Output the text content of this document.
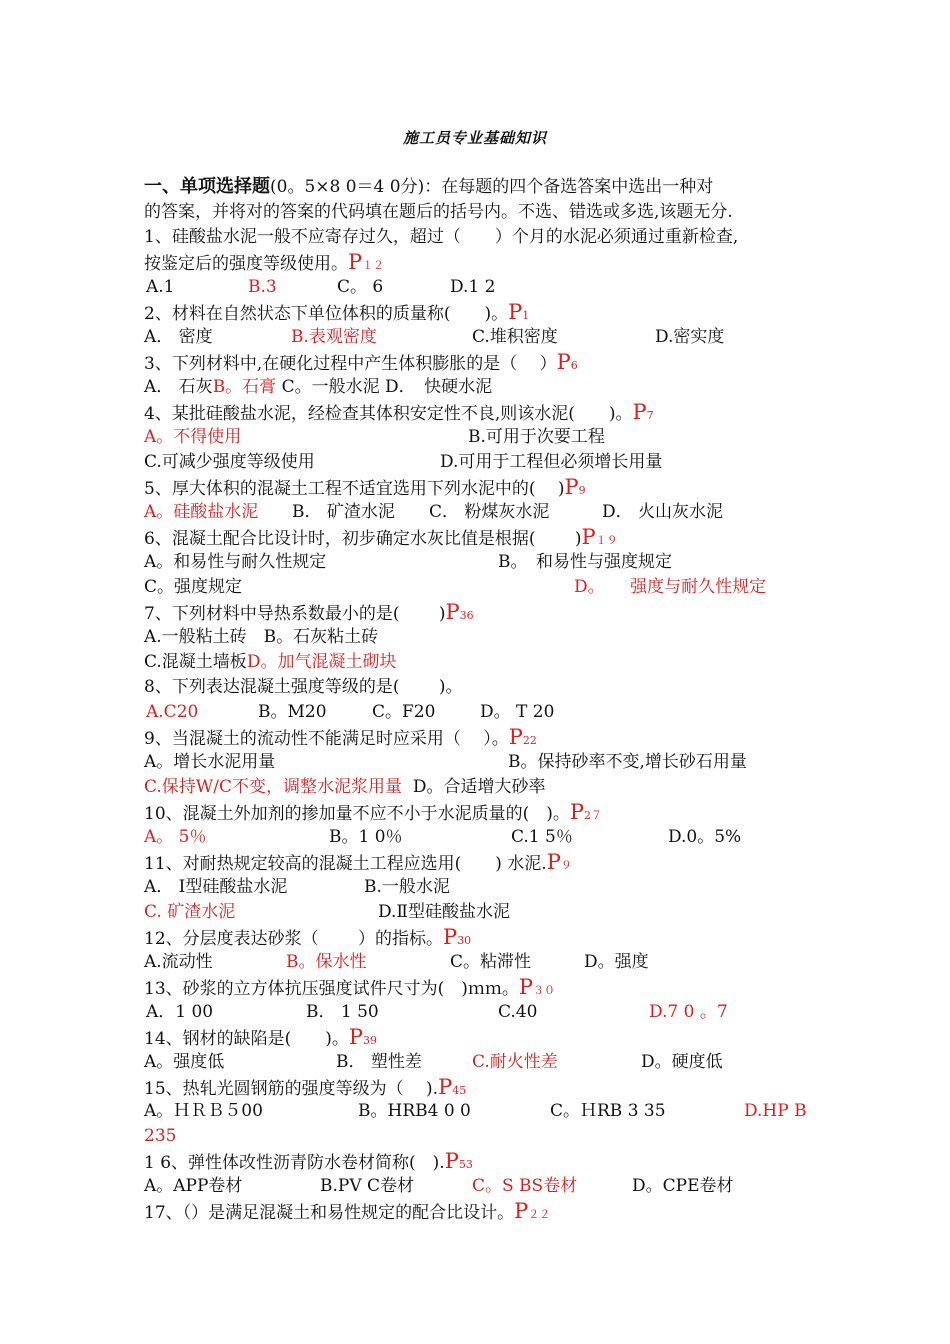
施工员专业基础知识
一、单项选择题(0。5×8 0＝4 0分)：在每题的四个备选答案中选出一种对
的答案，并将对的答案的代码填在题后的括号内。不选、错选或多选,该题无分.
1、硅酸盐水泥一般不应寄存过久，超过（　　）个月的水泥必须通过重新检查,
按鉴定后的强度等级使用。P１２
A.1	B.3	C。 6	D.1 2
2、材料在自然状态下单位体积的质量称(　　)。P1
A． 密度	B.表观密度	C.堆积密度	D.密实度
3、下列材料中,在硬化过程中产生体积膨胀的是（　 ）P6
A． 石灰B。石膏 C。一般水泥 D．　快硬水泥
4、某批硅酸盐水泥，经检查其体积安定性不良,则该水泥(　　)。P7
A。不得使用	B.可用于次要工程
C.可减少强度等级使用	D.可用于工程但必须增长用量
5、厚大体积的混凝土工程不适宜选用下列水泥中的(　 )P9
A。硅酸盐水泥 B． 矿渣水泥 C． 粉煤灰水泥	D． 火山灰水泥
6、混凝土配合比设计时，初步确定水灰比值是根据(　 　)P１９
A。和易性与耐久性规定	B。　和易性与强度规定
C。强度规定	D。　　强度与耐久性规定
7、下列材料中导热系数最小的是(　 　)P36
A.一般粘土砖　B。石灰粘土砖
C.混凝土墙板D。加气混凝土砌块
8、下列表达混凝土强度等级的是(　 　)。
A.C20	B。M20	C。F20	D。 T 20
9、当混凝土的流动性不能满足时应采用（　 ）。P22
A。增长水泥用量	B。保持砂率不变,增长砂石用量
C.保持W/C不变，调整水泥浆用量 D。合适增大砂率
10、混凝土外加剂的掺加量不应不小于水泥质量的(　)。P2７
A。 5％	B。1 0％	C.1 5％	D.0。5%
11、对耐热规定较高的混凝土工程应选用(　　) 水泥.P９
A． Ⅰ型硅酸盐水泥	B.一般水泥
C. 矿渣水泥	D.Ⅱ型硅酸盐水泥
12、分层度表达砂浆（　　 ）的指标。P30
A.流动性	B。保水性	C。粘滞性	D。强度
13、砂浆的立方体抗压强度试件尺寸为(　)ｍｍ。P３０
A．1 00	B． 1 50	C.40	D.7 0 。7
14、钢材的缺陷是(　　)。P39
A。强度低	B． 塑性差	C.耐火性差	D。硬度低
15、热轧光圆钢筋的强度等级为（　 ).P45
A。ＨＲＢ５00	B。HRB4 0 0	C。ＨRB 3 35	D.HP B
235
1 6、弹性体改性沥青防水卷材简称(　).P53
A。APP卷材	B.PV C卷材	C。S BS卷材	D。CPE卷材
17、（）是满足混凝土和易性规定的配合比设计。P２２
